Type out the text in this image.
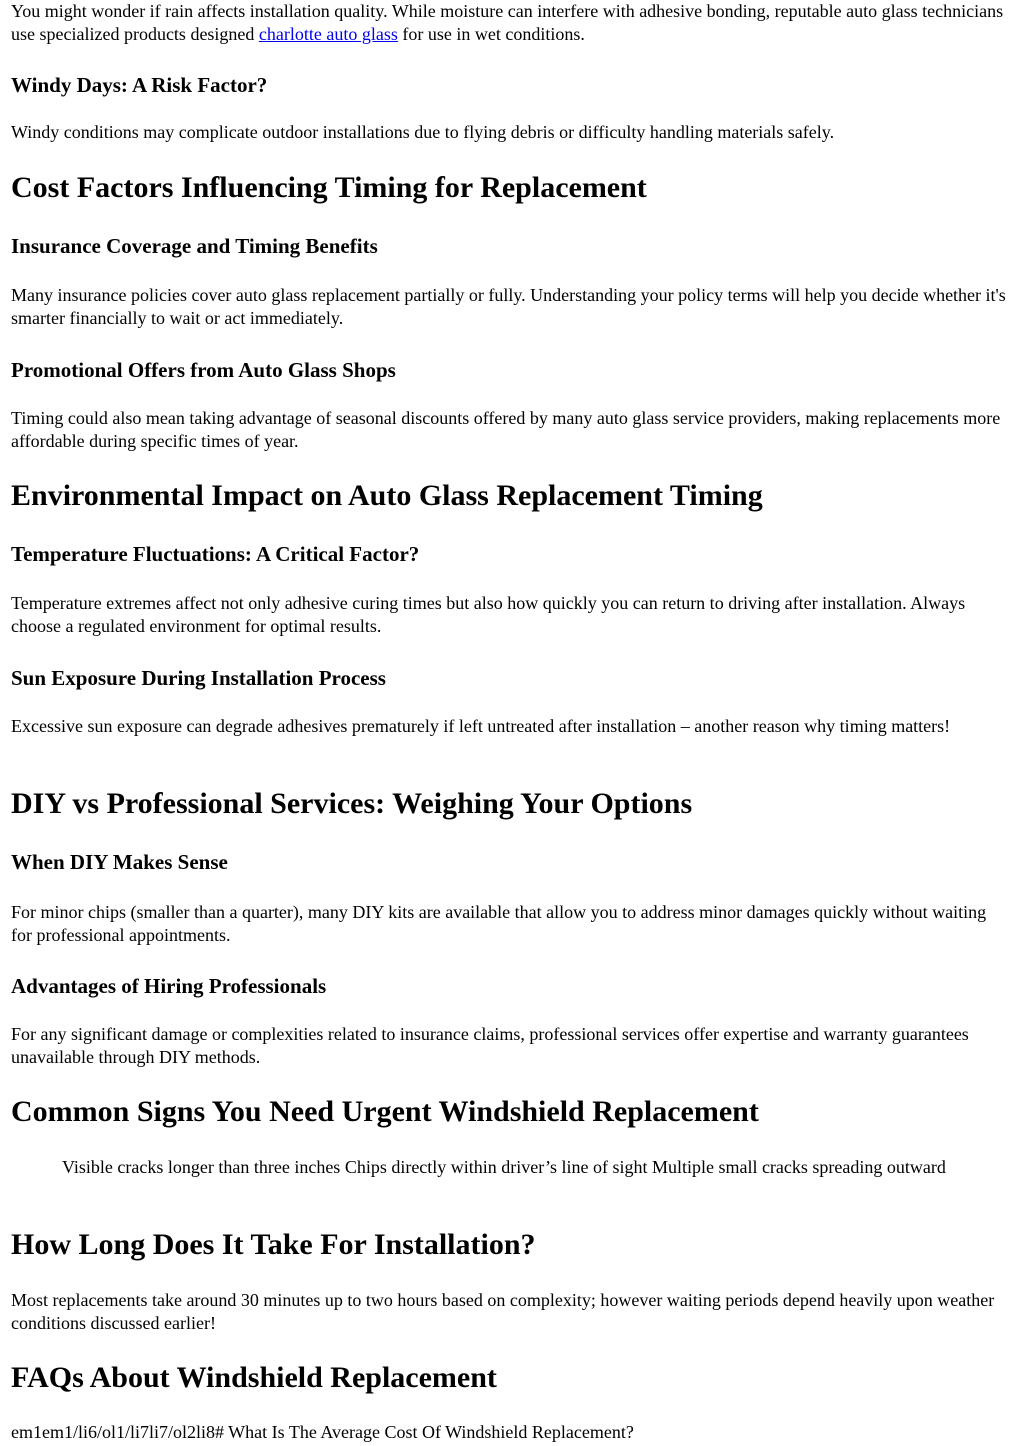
You might wonder if rain affects installation quality. While moisture can interfere with adhesive bonding, reputable auto glass technicians use specialized products designed charlotte auto glass for use in wet conditions.

Windy Days: A Risk Factor?

Windy conditions may complicate outdoor installations due to flying debris or difficulty handling materials safely.

Cost Factors Influencing Timing for Replacement
Insurance Coverage and Timing Benefits

Many insurance policies cover auto glass replacement partially or fully. Understanding your policy terms will help you decide whether it's smarter financially to wait or act immediately.

Promotional Offers from Auto Glass Shops

Timing could also mean taking advantage of seasonal discounts offered by many auto glass service providers, making replacements more affordable during specific times of year.

Environmental Impact on Auto Glass Replacement Timing
Temperature Fluctuations: A Critical Factor?

Temperature extremes affect not only adhesive curing times but also how quickly you can return to driving after installation. Always choose a regulated environment for optimal results.

Sun Exposure During Installation Process

Excessive sun exposure can degrade adhesives prematurely if left untreated after installation – another reason why timing matters!

DIY vs Professional Services: Weighing Your Options
When DIY Makes Sense

For minor chips (smaller than a quarter), many DIY kits are available that allow you to address minor damages quickly without waiting for professional appointments.

Advantages of Hiring Professionals

For any significant damage or complexities related to insurance claims, professional services offer expertise and warranty guarantees unavailable through DIY methods.

Common Signs You Need Urgent Windshield Replacement

Visible cracks longer than three inches Chips directly within driver’s line of sight Multiple small cracks spreading outward

How Long Does It Take For Installation?

Most replacements take around 30 minutes up to two hours based on complexity; however waiting periods depend heavily upon weather conditions discussed earlier!

FAQs About Windshield Replacement

em1em1/li6/ol1/li7li7/ol2li8# What Is The Average Cost Of Windshield Replacement?
